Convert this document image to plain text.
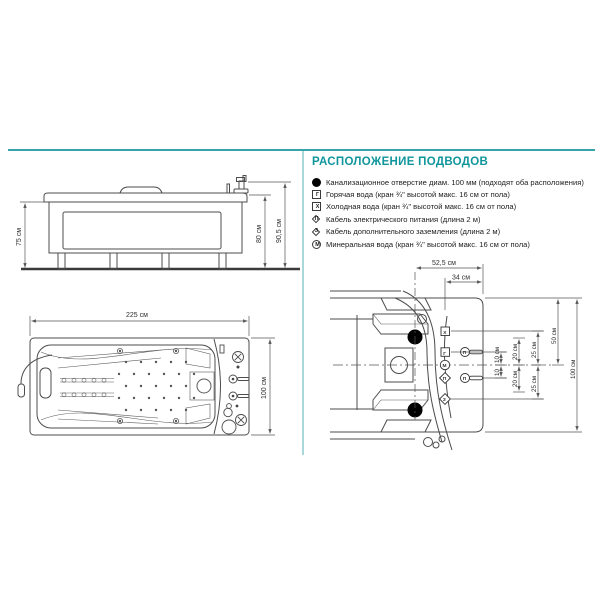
75 см	80 см 90,5 см
225 см
100 см
РАСПОЛОЖЕНИЕ ПОДВОДОВ
Канализационное отверстие диам. 100 мм (подходят оба расположения)
Г Горячая вода (кран ¾" высотой макс. 16 см от пола)
Х Холодная вода (кран ¾" высотой макс. 16 см от пола)
П Кабель электрического питания (длина 2 м)
З	Кабель дополнительного заземления (длина 2 м)
М Минеральная вода (кран ¾" высотой макс. 16 см от пола)
Х
Г
М
П
З
П
П
52,5 см
34 см
10 см
10
20 см
20 см
25 см
25 см
50 см
100 см
